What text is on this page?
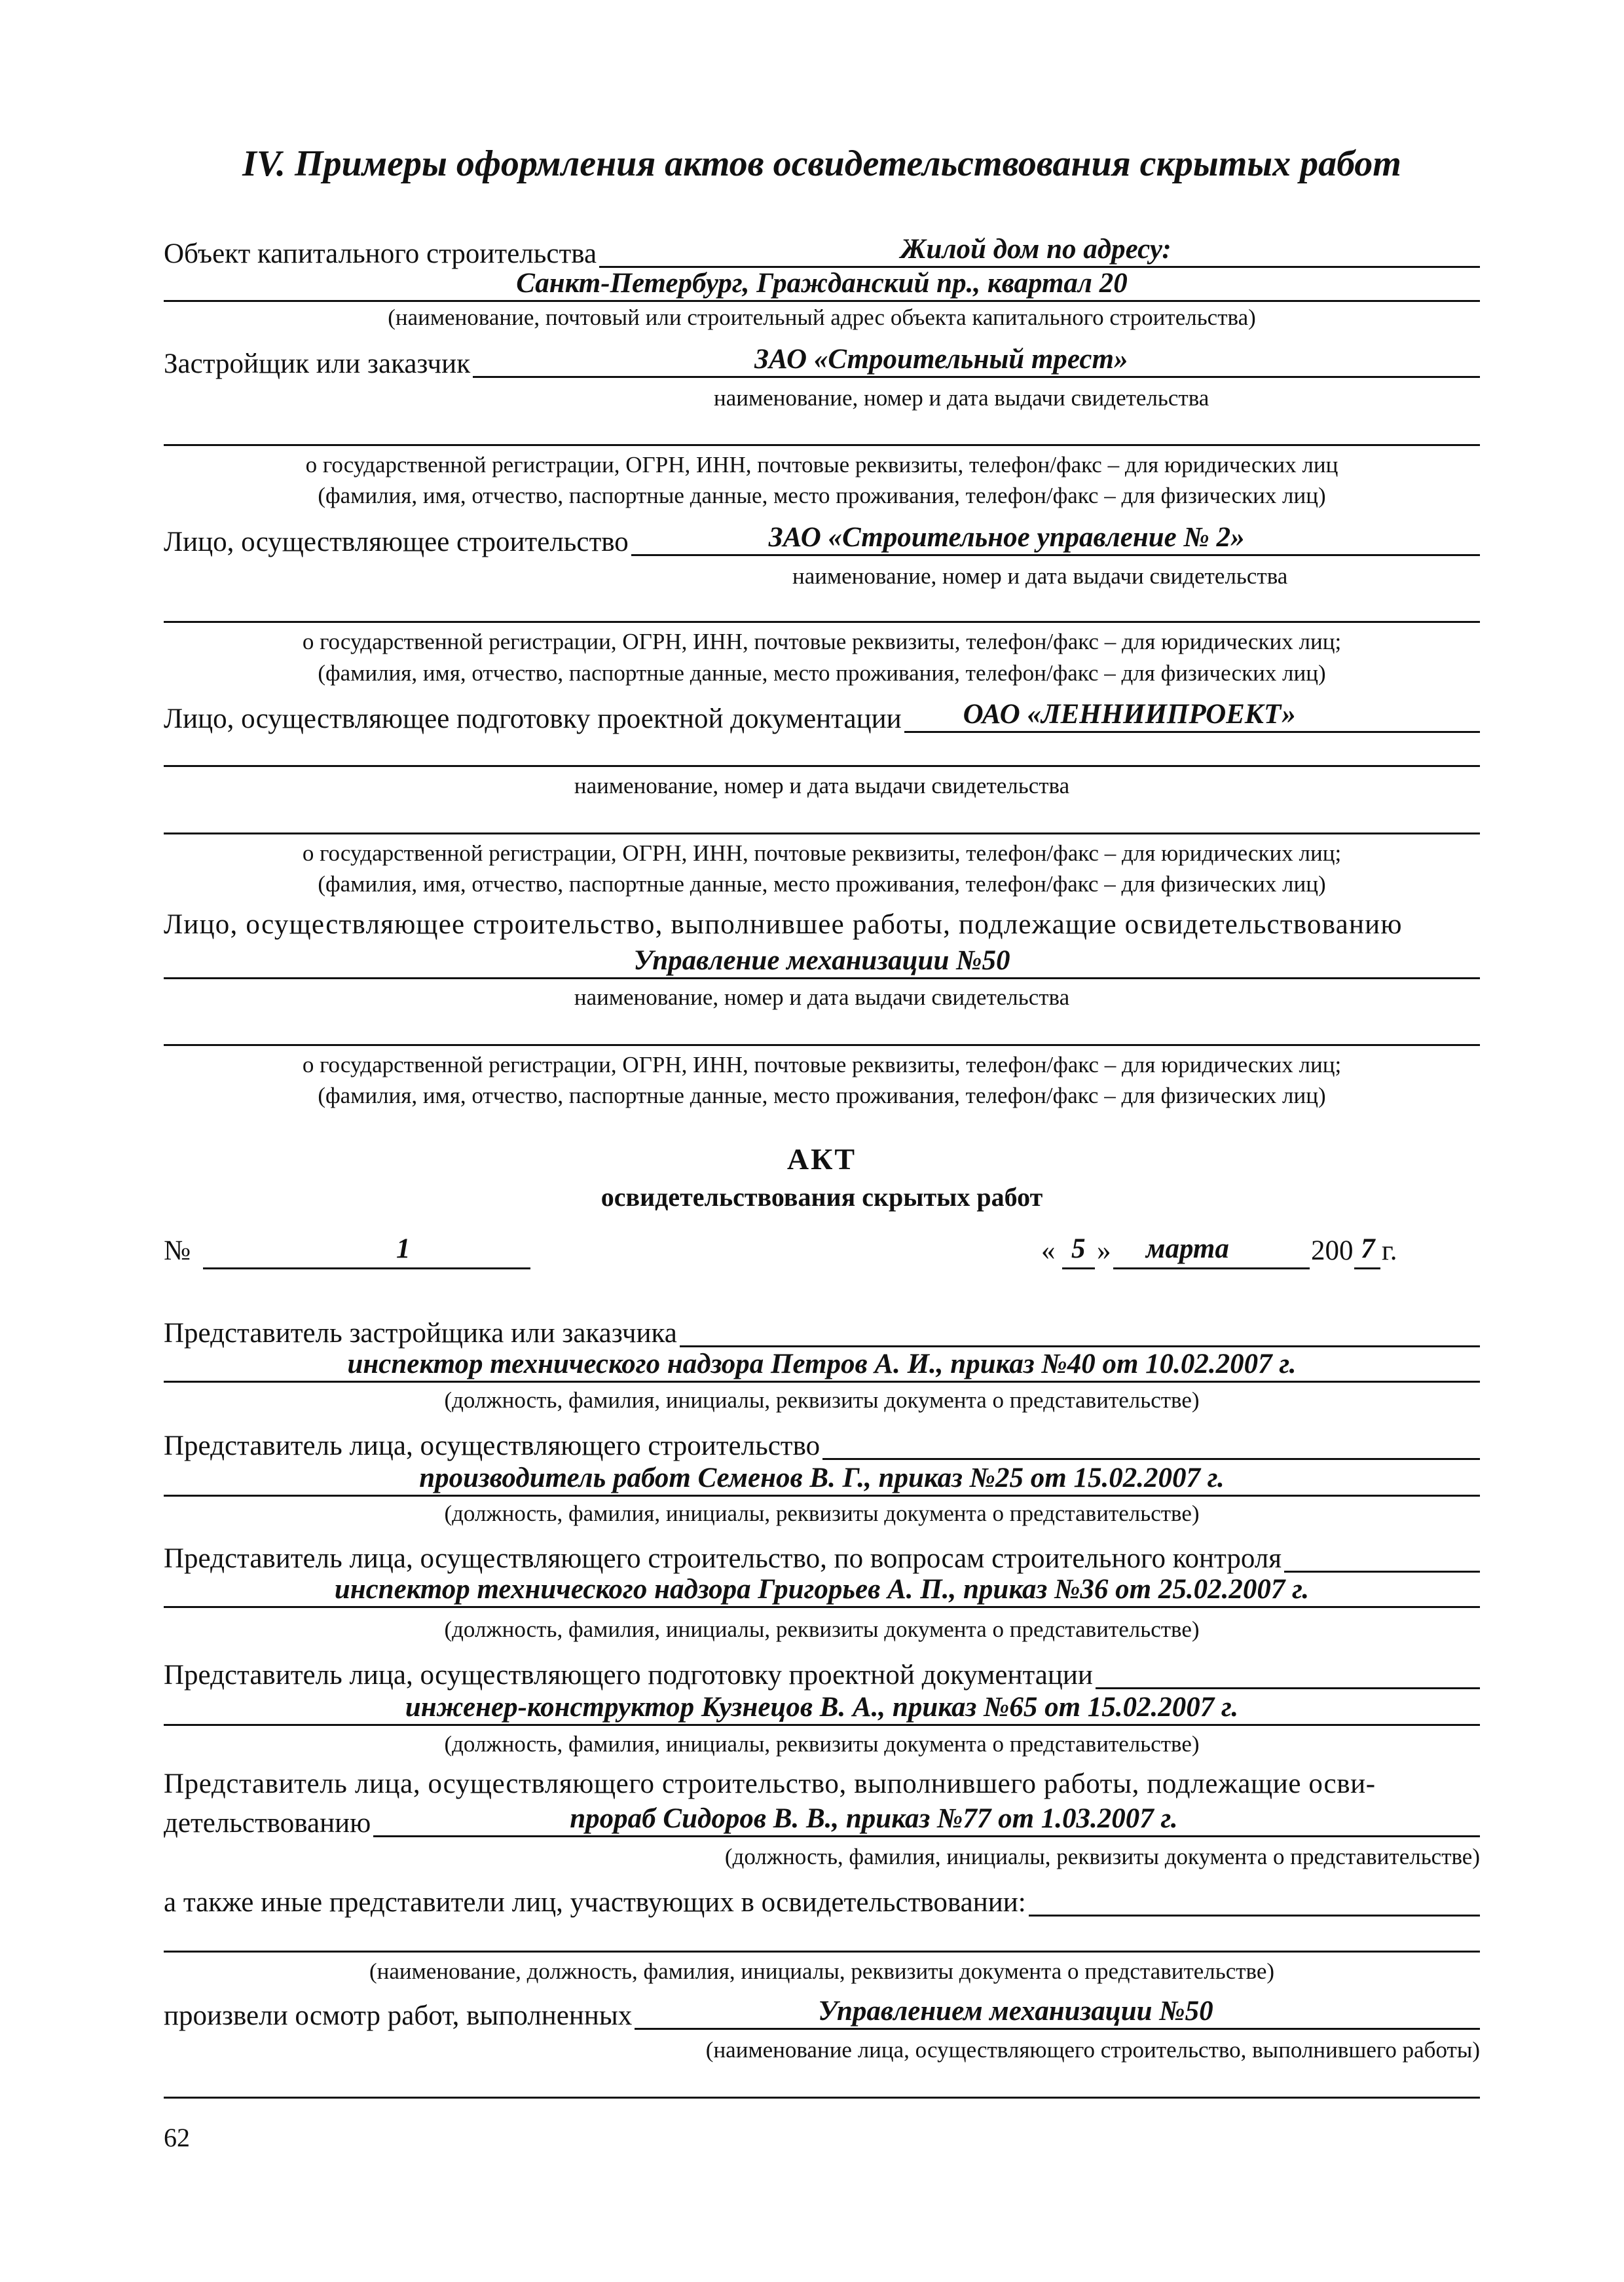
IV. Примеры оформления актов освидетельствования скрытых работ
Объект капитального строительства	Жилой дом по адресу:
Санкт-Петербург, Гражданский пр., квартал 20
(наименование, почтовый или строительный адрес объекта капитального строительства)
Застройщик или заказчик	ЗАО «Строительный трест»
наименование, номер и дата выдачи свидетельства
о государственной регистрации, ОГРН, ИНН, почтовые реквизиты, телефон/факс – для юридических лиц
(фамилия, имя, отчество, паспортные данные, место проживания, телефон/факс – для физических лиц)
Лицо, осуществляющее строительство	ЗАО «Строительное управление № 2»
наименование, номер и дата выдачи свидетельства
о государственной регистрации, ОГРН, ИНН, почтовые реквизиты, телефон/факс – для юридических лиц;
(фамилия, имя, отчество, паспортные данные, место проживания, телефон/факс – для физических лиц)
Лицо, осуществляющее подготовку проектной документации ОАО «ЛЕННИИПРОЕКТ»
наименование, номер и дата выдачи свидетельства
о государственной регистрации, ОГРН, ИНН, почтовые реквизиты, телефон/факс – для юридических лиц;
(фамилия, имя, отчество, паспортные данные, место проживания, телефон/факс – для физических лиц)
Лицо, осуществляющее строительство, выполнившее работы, подлежащие освидетельствованию
Управление механизации №50
наименование, номер и дата выдачи свидетельства
о государственной регистрации, ОГРН, ИНН, почтовые реквизиты, телефон/факс – для юридических лиц;
(фамилия, имя, отчество, паспортные данные, место проживания, телефон/факс – для физических лиц)
АКТ
освидетельствования скрытых работ
№	1	« 5 » марта	200 7 г.
Представитель застройщика или заказчика
инспектор технического надзора Петров А. И., приказ №40 от 10.02.2007 г.
(должность, фамилия, инициалы, реквизиты документа о представительстве)
Представитель лица, осуществляющего строительство
производитель работ Семенов В. Г., приказ №25 от 15.02.2007 г.
(должность, фамилия, инициалы, реквизиты документа о представительстве)
Представитель лица, осуществляющего строительство, по вопросам строительного контроля
инспектор технического надзора Григорьев А. П., приказ №36 от 25.02.2007 г.
(должность, фамилия, инициалы, реквизиты документа о представительстве)
Представитель лица, осуществляющего подготовку проектной документации
инженер-конструктор Кузнецов В. А., приказ №65 от 15.02.2007 г.
(должность, фамилия, инициалы, реквизиты документа о представительстве)
Представитель лица, осуществляющего строительство, выполнившего работы, подлежащие осви-
детельствованию	прораб Сидоров В. В., приказ №77 от 1.03.2007 г.
(должность, фамилия, инициалы, реквизиты документа о представительстве)
а также иные представители лиц, участвующих в освидетельствовании:
(наименование, должность, фамилия, инициалы, реквизиты документа о представительстве)
произвели осмотр работ, выполненных	Управлением механизации №50
(наименование лица, осуществляющего строительство, выполнившего работы)
62
